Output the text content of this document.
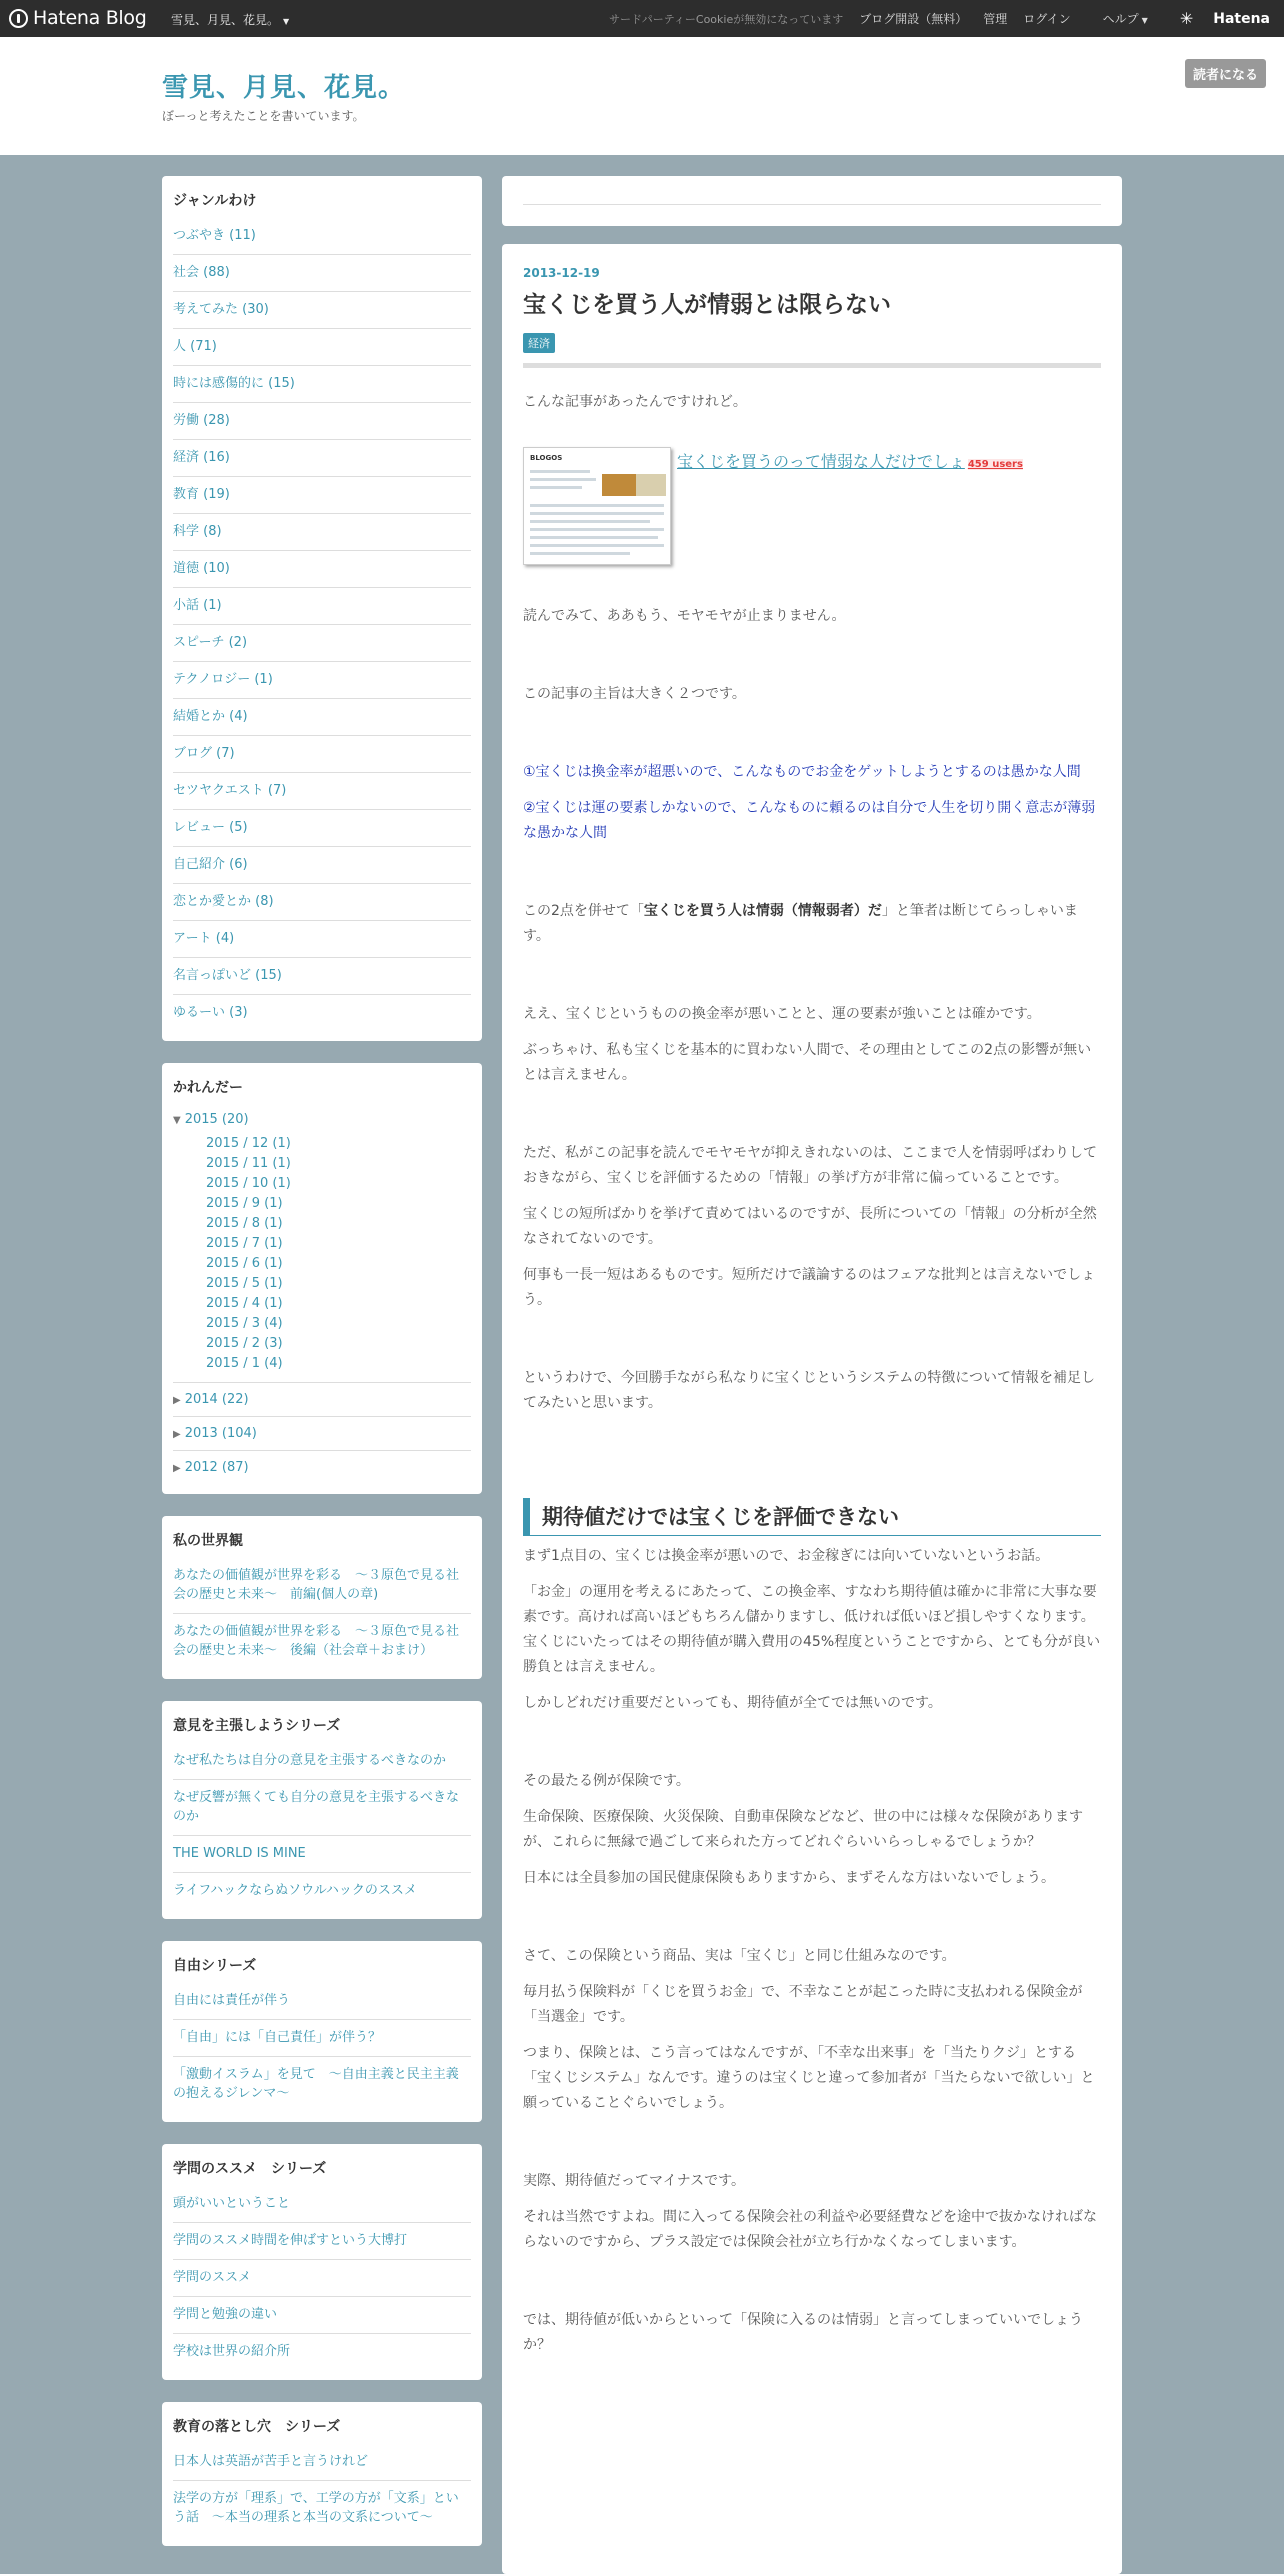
Hatena Blog 雪見、月見、花見。 ▼	サードパーティーCookieが無効になっています ブログ開設（無料） 管理 ログイン	ヘルプ ▼ ✳ Hatena
雪見、月見、花見。
ぼーっと考えたことを書いています。
読者になる
ジャンルわけ
つぶやき (11)
社会 (88)
考えてみた (30)
人 (71)
時には感傷的に (15)
労働 (28)
経済 (16)
教育 (19)
科学 (8)
道徳 (10)
小話 (1)
スピーチ (2)
テクノロジー (1)
結婚とか (4)
ブログ (7)
セツヤクエスト (7)
レビュー (5)
自己紹介 (6)
恋とか愛とか (8)
アート (4)
名言っぽいど (15)
ゆるーい (3)
かれんだー
▼ 2015 (20)
2015 / 12 (1)
2015 / 11 (1)
2015 / 10 (1)
2015 / 9 (1)
2015 / 8 (1)
2015 / 7 (1)
2015 / 6 (1)
2015 / 5 (1)
2015 / 4 (1)
2015 / 3 (4)
2015 / 2 (3)
2015 / 1 (4)
▶ 2014 (22)
▶ 2013 (104)
▶ 2012 (87)
私の世界観
あなたの価値観が世界を彩る　～３原色で見る社会の歴史と未来～　前編(個人の章)
あなたの価値観が世界を彩る　～３原色で見る社会の歴史と未来～　後編（社会章＋おまけ）
意見を主張しようシリーズ
なぜ私たちは自分の意見を主張するべきなのか
なぜ反響が無くても自分の意見を主張するべきなのか
THE WORLD IS MINE
ライフハックならぬソウルハックのススメ
自由シリーズ
自由には責任が伴う
「自由」には「自己責任」が伴う？
「激動イスラム」を見て　～自由主義と民主主義の抱えるジレンマ～
学問のススメ　シリーズ
頭がいいということ
学問のススメ時間を伸ばすという大博打
学問のススメ
学問と勉強の違い
学校は世界の紹介所
教育の落とし穴　シリーズ
日本人は英語が苦手と言うけれど
法学の方が「理系」で、工学の方が「文系」という話　～本当の理系と本当の文系について～
2013-12-19
宝くじを買う人が情弱とは限らない
経済

こんな記事があったんですけれど。

BLOGOS	宝くじを買うのって情弱な人だけでしょ 459 users

読んでみて、ああもう、モヤモヤが止まりません。

この記事の主旨は大きく２つです。

①宝くじは換金率が超悪いので、こんなものでお金をゲットしようとするのは愚かな人間

②宝くじは運の要素しかないので、こんなものに頼るのは自分で人生を切り開く意志が薄弱な愚かな人間

この2点を併せて「宝くじを買う人は情弱（情報弱者）だ」と筆者は断じてらっしゃいます。

ええ、宝くじというものの換金率が悪いことと、運の要素が強いことは確かです。

ぶっちゃけ、私も宝くじを基本的に買わない人間で、その理由としてこの2点の影響が無いとは言えません。

ただ、私がこの記事を読んでモヤモヤが抑えきれないのは、ここまで人を情弱呼ばわりしておきながら、宝くじを評価するための「情報」の挙げ方が非常に偏っていることです。

宝くじの短所ばかりを挙げて責めてはいるのですが、長所についての「情報」の分析が全然なされてないのです。

何事も一長一短はあるものです。短所だけで議論するのはフェアな批判とは言えないでしょう。

というわけで、今回勝手ながら私なりに宝くじというシステムの特徴について情報を補足してみたいと思います。

期待値だけでは宝くじを評価できない

まず1点目の、宝くじは換金率が悪いので、お金稼ぎには向いていないというお話。

「お金」の運用を考えるにあたって、この換金率、すなわち期待値は確かに非常に大事な要素です。高ければ高いほどもちろん儲かりますし、低ければ低いほど損しやすくなります。宝くじにいたってはその期待値が購入費用の45%程度ということですから、とても分が良い勝負とは言えません。

しかしどれだけ重要だといっても、期待値が全てでは無いのです。

その最たる例が保険です。

生命保険、医療保険、火災保険、自動車保険などなど、世の中には様々な保険がありますが、これらに無縁で過ごして来られた方ってどれぐらいいらっしゃるでしょうか？

日本には全員参加の国民健康保険もありますから、まずそんな方はいないでしょう。

さて、この保険という商品、実は「宝くじ」と同じ仕組みなのです。

毎月払う保険料が「くじを買うお金」で、不幸なことが起こった時に支払われる保険金が「当選金」です。

つまり、保険とは、こう言ってはなんですが、「不幸な出来事」を「当たりクジ」とする「宝くじシステム」なんです。違うのは宝くじと違って参加者が「当たらないで欲しい」と願っていることぐらいでしょう。

実際、期待値だってマイナスです。

それは当然ですよね。間に入ってる保険会社の利益や必要経費などを途中で抜かなければならないのですから、プラス設定では保険会社が立ち行かなくなってしまいます。

では、期待値が低いからといって「保険に入るのは情弱」と言ってしまっていいでしょうか？
